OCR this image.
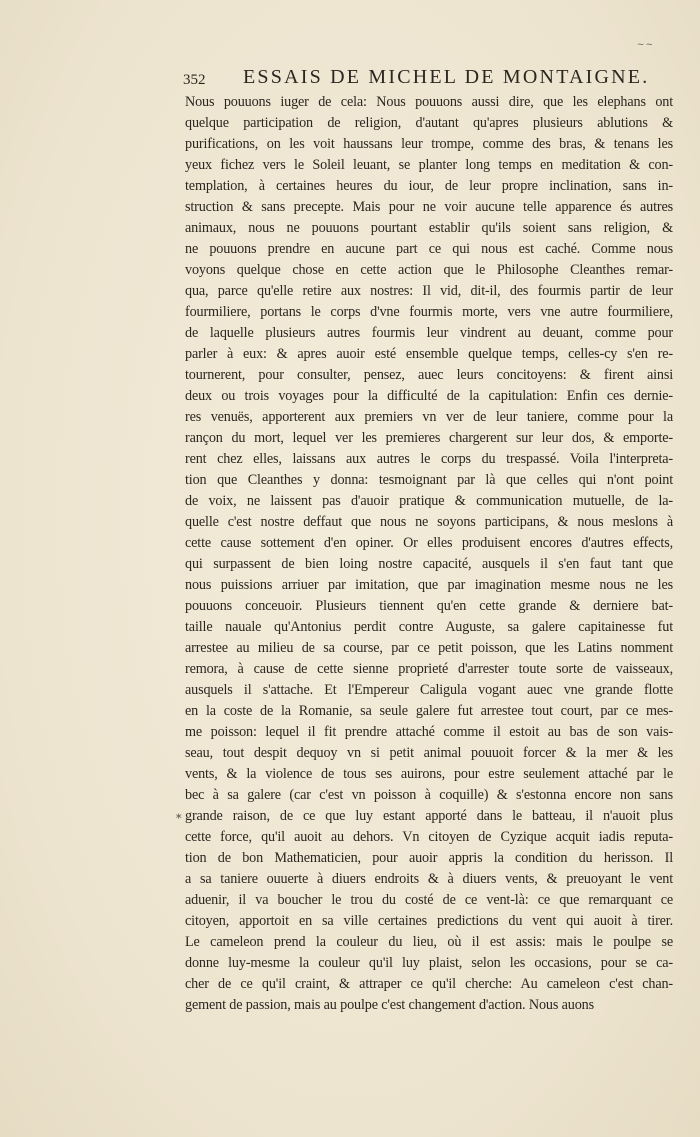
~~
352 ESSAIS DE MICHEL DE MONTAIGNE.
*
Nous pouuons iuger de cela: Nous pouuons aussi dire, que les elephans ont
quelque participation de religion, d'autant qu'apres plusieurs ablutions &
purifications, on les voit haussans leur trompe, comme des bras, & tenans les
yeux fichez vers le Soleil leuant, se planter long temps en meditation & con-
templation, à certaines heures du iour, de leur propre inclination, sans in-
struction & sans precepte. Mais pour ne voir aucune telle apparence és autres
animaux, nous ne pouuons pourtant establir qu'ils soient sans religion, &
ne pouuons prendre en aucune part ce qui nous est caché. Comme nous
voyons quelque chose en cette action que le Philosophe Cleanthes remar-
qua, parce qu'elle retire aux nostres: Il vid, dit-il, des fourmis partir de leur
fourmiliere, portans le corps d'vne fourmis morte, vers vne autre fourmiliere,
de laquelle plusieurs autres fourmis leur vindrent au deuant, comme pour
parler à eux: & apres auoir esté ensemble quelque temps, celles-cy s'en re-
tournerent, pour consulter, pensez, auec leurs concitoyens: & firent ainsi
deux ou trois voyages pour la difficulté de la capitulation: Enfin ces dernie-
res venuës, apporterent aux premiers vn ver de leur taniere, comme pour la
rançon du mort, lequel ver les premieres chargerent sur leur dos, & emporte-
rent chez elles, laissans aux autres le corps du trespassé. Voila l'interpreta-
tion que Cleanthes y donna: tesmoignant par là que celles qui n'ont point
de voix, ne laissent pas d'auoir pratique & communication mutuelle, de la-
quelle c'est nostre deffaut que nous ne soyons participans, & nous meslons à
cette cause sottement d'en opiner. Or elles produisent encores d'autres effects,
qui surpassent de bien loing nostre capacité, ausquels il s'en faut tant que
nous puissions arriuer par imitation, que par imagination mesme nous ne les
pouuons conceuoir. Plusieurs tiennent qu'en cette grande & derniere bat-
taille nauale qu'Antonius perdit contre Auguste, sa galere capitainesse fut
arrestee au milieu de sa course, par ce petit poisson, que les Latins nomment
remora, à cause de cette sienne proprieté d'arrester toute sorte de vaisseaux,
ausquels il s'attache. Et l'Empereur Caligula vogant auec vne grande flotte
en la coste de la Romanie, sa seule galere fut arrestee tout court, par ce mes-
me poisson: lequel il fit prendre attaché comme il estoit au bas de son vais-
seau, tout despit dequoy vn si petit animal pouuoit forcer & la mer & les
vents, & la violence de tous ses auirons, pour estre seulement attaché par le
bec à sa galere (car c'est vn poisson à coquille) & s'estonna encore non sans
grande raison, de ce que luy estant apporté dans le batteau, il n'auoit plus
cette force, qu'il auoit au dehors. Vn citoyen de Cyzique acquit iadis reputa-
tion de bon Mathematicien, pour auoir appris la condition du herisson. Il
a sa taniere ouuerte à diuers endroits & à diuers vents, & preuoyant le vent
aduenir, il va boucher le trou du costé de ce vent-là: ce que remarquant ce
citoyen, apportoit en sa ville certaines predictions du vent qui auoit à tirer.
Le cameleon prend la couleur du lieu, où il est assis: mais le poulpe se
donne luy-mesme la couleur qu'il luy plaist, selon les occasions, pour se ca-
cher de ce qu'il craint, & attraper ce qu'il cherche: Au cameleon c'est chan-
gement de passion, mais au poulpe c'est changement d'action. Nous auons
